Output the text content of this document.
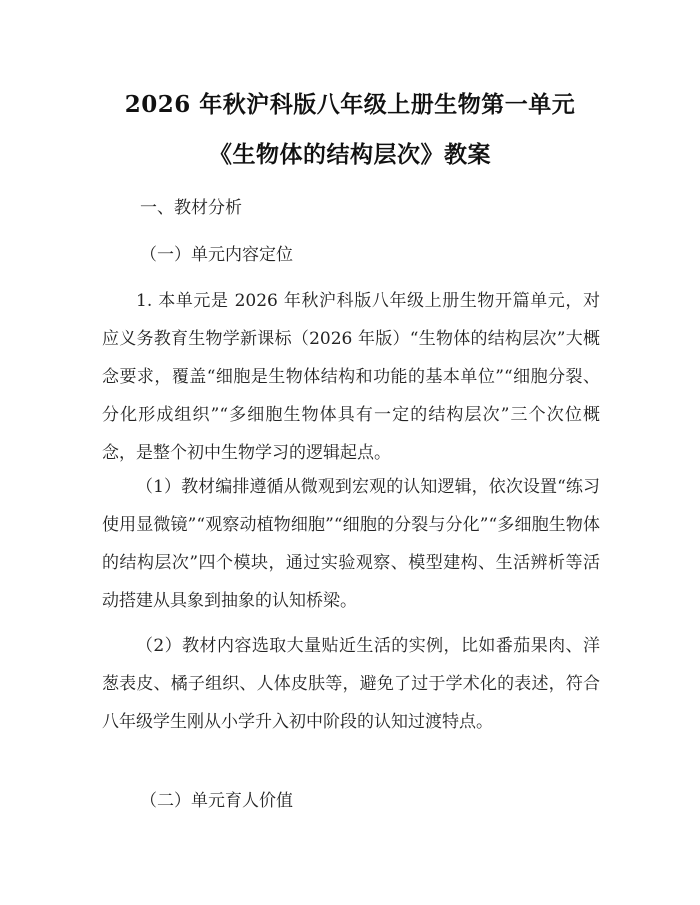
2026 年秋沪科版八年级上册生物第一单元
《生物体的结构层次》教案
一、教材分析
（一）单元内容定位
1. 本单元是 2026 年秋沪科版八年级上册生物开篇单元，对应义务教育生物学新课标（2026 年版）“生物体的结构层次”大概念要求，覆盖“细胞是生物体结构和功能的基本单位”“细胞分裂、分化形成组织”“多细胞生物体具有一定的结构层次”三个次位概念，是整个初中生物学习的逻辑起点。
（1）教材编排遵循从微观到宏观的认知逻辑，依次设置“练习使用显微镜”“观察动植物细胞”“细胞的分裂与分化”“多细胞生物体的结构层次”四个模块，通过实验观察、模型建构、生活辨析等活动搭建从具象到抽象的认知桥梁。
（2）教材内容选取大量贴近生活的实例，比如番茄果肉、洋葱表皮、橘子组织、人体皮肤等，避免了过于学术化的表述，符合八年级学生刚从小学升入初中阶段的认知过渡特点。
（二）单元育人价值
